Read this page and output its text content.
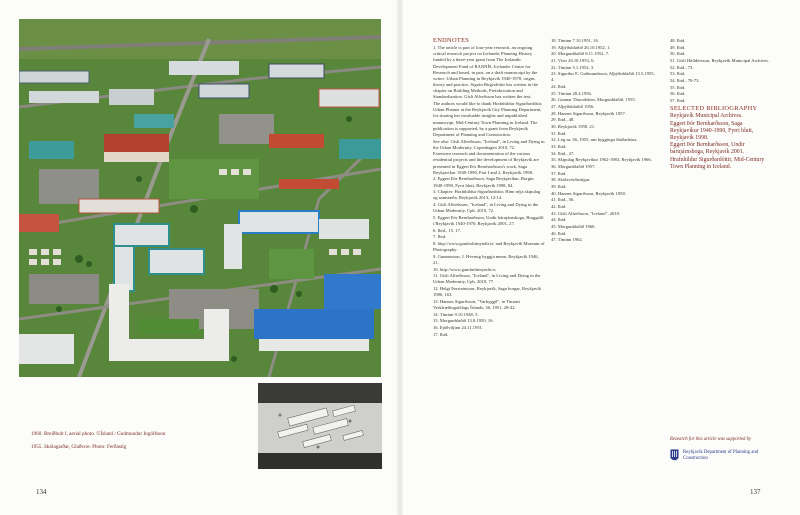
1960. Breiðholt I, aerial photo. ©Ísland / Gudmundur Ingólfsson
1955. Skólagarðar, Glaðsvæ. Photo: Ferðastig
134	137
ENDNOTES

1. The article is part of four-year research, an ongoing critical research project on Icelandic Planning History funded by a three-year grant from The Icelandic Development Fund of RANNÍS, Icelandic Centre for Research and based, in part, on a draft manuscript by the writer: Urban Planning in Reykjavík 1940-1970, origin, theory and practice. Sigrún Birgisdóttir has written in the chapter on Building Methods, Prefabrication and Standardization. Gísli Alfreðsson has written the text.

The authors would like to thank Hrafnhildur Sigurðardóttir, Urban Planner at the Reykjavík City Planning Department, for sharing her invaluable insights and unpublished manuscript, Mid-Century Town Planning in Iceland. The publication is supported, by a grant from Reykjavík Department of Planning and Construction.

See also: Gísli Alfreðsson, "Iceland", in Living and Dying in the Urban Modernity, Copenhagen 2010, 72.

Extensive research and documentation of the various residential projects and the development of Reykjavík are presented in Eggert Þór Bernharðsson's work, Saga Reykjavíkur 1940-1990, Part I and 2, Reykjavík 1998.

2. Eggert Þór Bernharðsson, Saga Reykjavíkur. Borgin 1940-1990, Fyrri hluti, Reykjavík 1998, 84.

3. Chapter: Hrafnhildur Sigurðardóttir, Hinn nýja skipulag og samstæða, Reykjavík 2013, 12-14.

4. Gísli Alfreðsson, "Iceland", in Living and Dying in the Urban Modernity, Cph. 2010, 72.

5. Eggert Þór Bernharðsson, Undir bárujárnsboga, Braggalíf í Reykjavík 1940-1970, Reykjavík 2001, 27.

6. Ibid., 15, 17.

7. Ibid.

8. http://www.gamlarlitmyndir.is/ and Reykjavík Museum of Photography.

9. Gunnarsson, J. Hvernig byggja menn, Reykjavík 1946, 21.

10. http://www.gamlarlitmyndir.is

11. Gísli Alfreðsson, "Iceland", in Living and Dying in the Urban Modernity, Cph. 2010, 77.

12. Helgi Þorsteinsson, Reykjavík, Saga borgar, Reykjavík 1986, 163.

13. Hannes Sigurðsson, "Varbyggð", in Tímarit Verkfræðingafélags Íslands, 36, 1951, 28-42.

14. Tíminn 9.10.1948, 5.

15. Morgunblaðið 13.8.1950, 16.

16. Þjóðviljinn 24.11.1951.

17. Ibid.

18. Tíminn 7.10.1951, 16.

19. Alþýðublaðið 26.10.1952, 1.

20. Morgunblaðið 6.11.1952, 7.

21. Vísir 20.10.1953, 6.

22. Tíminn 5.1.1952, 3.

23. Sigurður E. Guðmundsson, Alþýðublaðið 13.5.1955, 4.

24. Ibid.

25. Tíminn 28.4.1956.

26. Gunnar Thoroddsen, Morgunblaðið, 1955.

27. Alþýðublaðið 1956.

28. Hannes Sigurðsson, Reykjavík 1957.

29. Ibid., 48.

30. Reykjavík 1958, 21.

31. Ibid.

32. Lög nr. 36, 1955, um byggingu íbúðarhúsa.

33. Ibid.

34. Ibid., 27.

35. Skipulag Reykjavíkur 1962-1983, Reykjavík 1966.

36. Morgunblaðið 1957.

37. Ibid.

38. Skólavörðustígur.

39. Ibid.

40. Hannes Sigurðsson, Reykjavík 1958.

41. Ibid., 56.

42. Ibid.

43. Gísli Alfreðsson, "Iceland", 2010.

44. Ibid.

45. Morgunblaðið 1960.

46. Ibid.

47. Tíminn 1962.

48. Ibid.

49. Ibid.

50. Ibid.

51. Gísli Halldórsson, Reykjavík Municipal Archives.

52. Ibid., 73.

53. Ibid.

54. Ibid., 70-73.

55. Ibid.

56. Ibid.

57. Ibid.

SELECTED BIBLIOGRAPHY

Reykjavík Municipal Archives.

Eggert Þór Bernharðsson, Saga Reykjavíkur 1940-1990, Fyrri hluti, Reykjavík 1998.

Eggert Þór Bernharðsson, Undir bárujárnsboga, Reykjavík 2001.

Hrafnhildur Sigurðardóttir, Mid-Century Town Planning in Iceland.

Research for this article was supported by
Reykjavík Department of Planning and Construction
